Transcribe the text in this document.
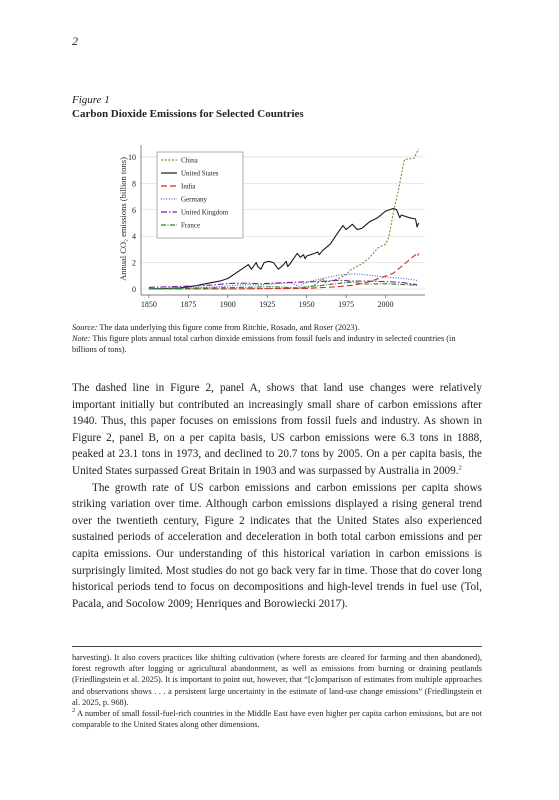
2
Figure 1
Carbon Dioxide Emissions for Selected Countries
0
2
4
6
8
10
1850	1875	1900	1925	1950	1975	2000
Annual CO₂ emissions (billion tons)	China
United States
India
Germany
United Kingdom
France
Source: The data underlying this figure come from Ritchie, Rosado, and Roser (2023).
Note: This figure plots annual total carbon dioxide emissions from fossil fuels and industry in selected countries (in billions of tons).

The dashed line in Figure 2, panel A, shows that land use changes were relatively important initially but contributed an increasingly small share of carbon emissions after 1940. Thus, this paper focuses on emissions from fossil fuels and industry. As shown in Figure 2, panel B, on a per capita basis, US carbon emissions were 6.3 tons in 1888, peaked at 23.1 tons in 1973, and declined to 20.7 tons by 2005. On a per capita basis, the United States surpassed Great Britain in 1903 and was surpassed by Australia in 2009.$^2$

The growth rate of US carbon emissions and carbon emissions per capita shows striking variation over time. Although carbon emissions displayed a rising general trend over the twentieth century, Figure 2 indicates that the United States also experienced sustained periods of acceleration and deceleration in both total carbon emissions and per capita emissions. Our understanding of this historical variation in carbon emissions is surprisingly limited. Most studies do not go back very far in time. Those that do cover long historical periods tend to focus on decompositions and high-level trends in fuel use (Tol, Pacala, and Socolow 2009; Henriques and Borowiecki 2017).

harvesting). It also covers practices like shifting cultivation (where forests are cleared for farming and then abandoned), forest regrowth after logging or agricultural abandonment, as well as emissions from burning or draining peatlands (Friedlingstein et al. 2025). It is important to point out, however, that “[c]omparison of estimates from multiple approaches and observations shows . . . a persistent large uncertainty in the estimate of land-use change emissions” (Friedlingstein et al. 2025, p. 968).

$^2$ A number of small fossil-fuel-rich countries in the Middle East have even higher per capita carbon emissions, but are not comparable to the United States along other dimensions.
